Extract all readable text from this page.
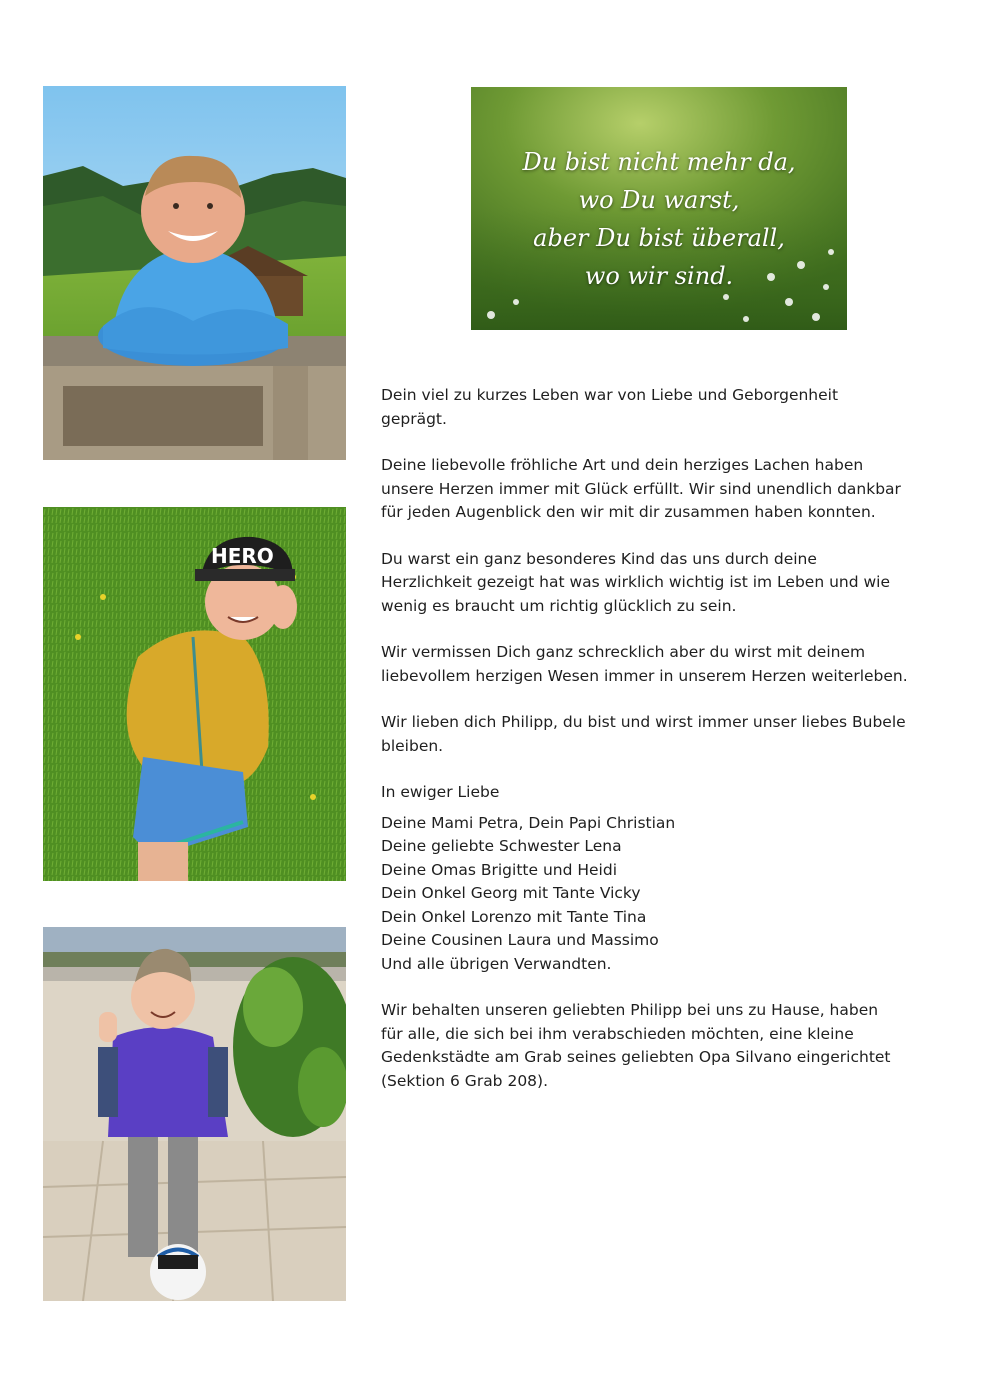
HERO
Du bist nicht mehr da,
wo Du warst,
aber Du bist überall,
wo wir sind.

Dein viel zu kurzes Leben war von Liebe und Geborgenheit
geprägt.

Deine liebevolle fröhliche Art und dein herziges Lachen haben
unsere Herzen immer mit Glück erfüllt. Wir sind unendlich dankbar
für jeden Augenblick den wir mit dir zusammen haben konnten.

Du warst ein ganz besonderes Kind das uns durch deine
Herzlichkeit gezeigt hat was wirklich wichtig ist im Leben und wie
wenig es braucht um richtig glücklich zu sein.

Wir vermissen Dich ganz schrecklich aber du wirst mit deinem
liebevollem herzigen Wesen immer in unserem Herzen weiterleben.

Wir lieben dich Philipp, du bist und wirst immer unser liebes Bubele
bleiben.

In ewiger Liebe

Deine Mami Petra, Dein Papi Christian
Deine geliebte Schwester Lena
Deine Omas Brigitte und Heidi
Dein Onkel Georg mit Tante Vicky
Dein Onkel Lorenzo mit Tante Tina
Deine Cousinen Laura und Massimo
Und alle übrigen Verwandten.

Wir behalten unseren geliebten Philipp bei uns zu Hause, haben
für alle, die sich bei ihm verabschieden möchten, eine kleine
Gedenkstädte am Grab seines geliebten Opa Silvano eingerichtet
(Sektion 6 Grab 208).
